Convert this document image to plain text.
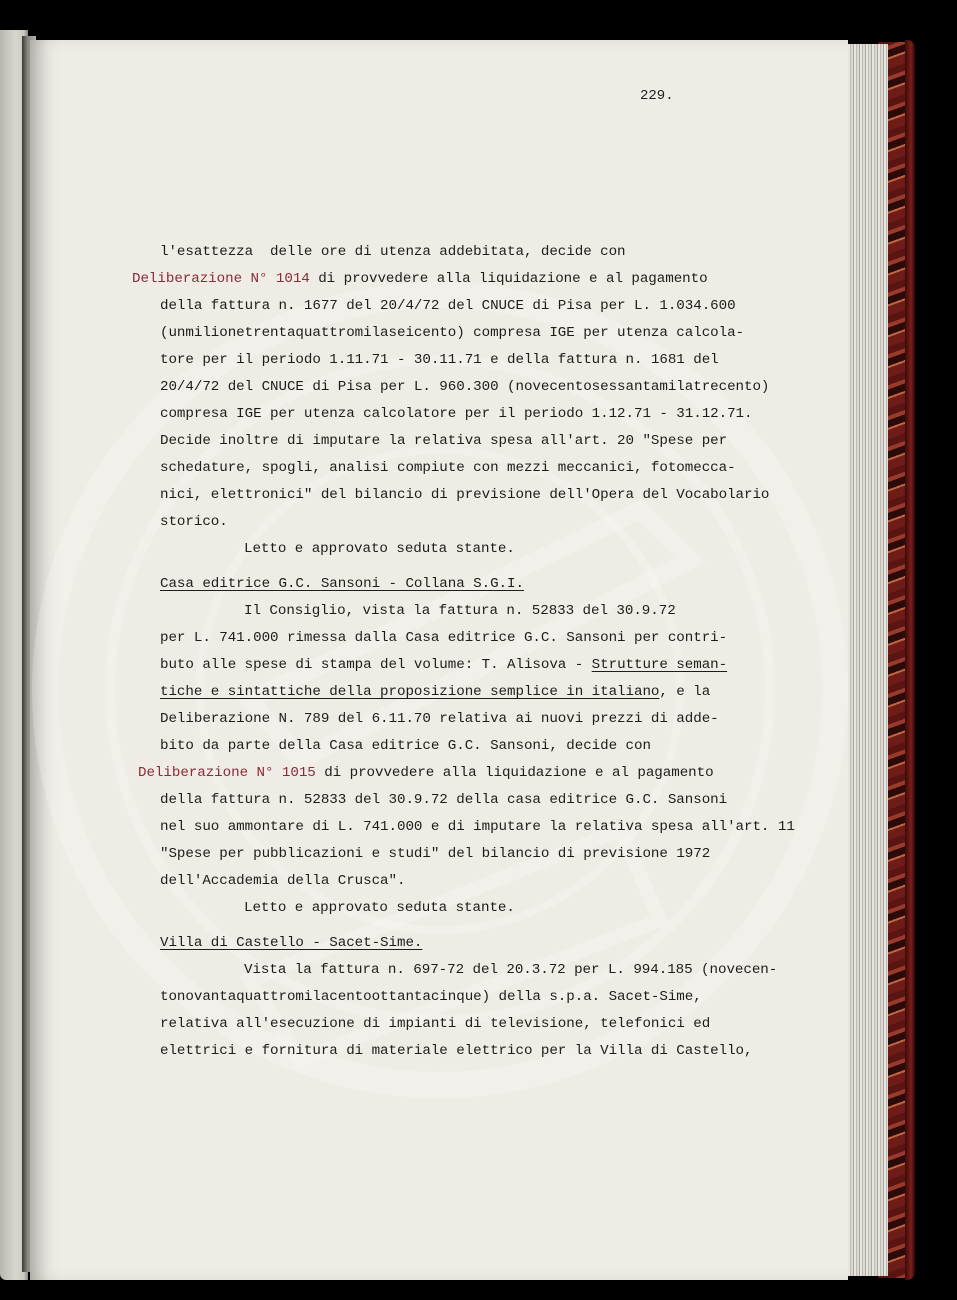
229.
l'esattezza  delle ore di utenza addebitata, decide con
Deliberazione N° 1014 di provvedere alla liquidazione e al pagamento
della fattura n. 1677 del 20/4/72 del CNUCE di Pisa per L. 1.034.600
(unmilionetrentaquattromilaseicento) compresa IGE per utenza calcola-
tore per il periodo 1.11.71 - 30.11.71 e della fattura n. 1681 del
20/4/72 del CNUCE di Pisa per L. 960.300 (novecentosessantamilatrecento)
compresa IGE per utenza calcolatore per il periodo 1.12.71 - 31.12.71.
Decide inoltre di imputare la relativa spesa all'art. 20 "Spese per
schedature, spogli, analisi compiute con mezzi meccanici, fotomecca-
nici, elettronici" del bilancio di previsione dell'Opera del Vocabolario
storico.
Letto e approvato seduta stante.
Casa editrice G.C. Sansoni - Collana S.G.I.
Il Consiglio, vista la fattura n. 52833 del 30.9.72
per L. 741.000 rimessa dalla Casa editrice G.C. Sansoni per contri-
buto alle spese di stampa del volume: T. Alisova - Strutture seman-
tiche e sintattiche della proposizione semplice in italiano, e la
Deliberazione N. 789 del 6.11.70 relativa ai nuovi prezzi di adde-
bito da parte della Casa editrice G.C. Sansoni, decide con
Deliberazione N° 1015 di provvedere alla liquidazione e al pagamento
della fattura n. 52833 del 30.9.72 della casa editrice G.C. Sansoni
nel suo ammontare di L. 741.000 e di imputare la relativa spesa all'art. 11
"Spese per pubblicazioni e studi" del bilancio di previsione 1972
dell'Accademia della Crusca".
Letto e approvato seduta stante.
Villa di Castello - Sacet-Sime.
Vista la fattura n. 697-72 del 20.3.72 per L. 994.185 (novecen-
tonovantaquattromilacentoottantacinque) della s.p.a. Sacet-Sime,
relativa all'esecuzione di impianti di televisione, telefonici ed
elettrici e fornitura di materiale elettrico per la Villa di Castello,
